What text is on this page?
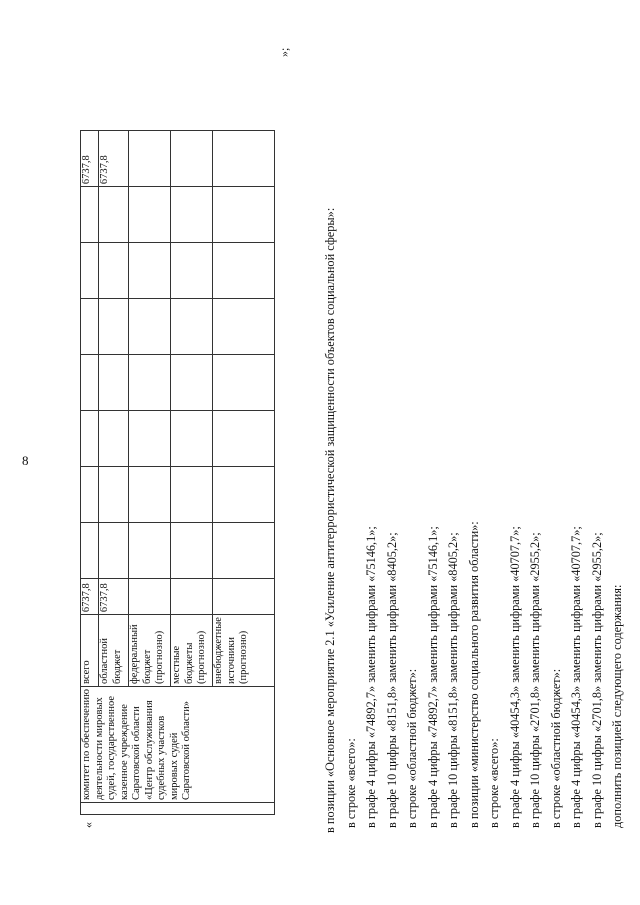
8
«
	комитет по обеспечению деятельности мировых судей, государственное казенное учреждение Саратовской области «Центр обслуживания судебных участков мировых судей Саратовской области»	всего	6737,8								6737,8
		областной бюджет	6737,8								6737,8
		федеральный бюджет (прогнозно)									
		местные бюджеты (прогнозно)									
		внебюджетные источники (прогнозно)									
»;

в позиции «Основное мероприятие 2.1 «Усиление антитеррористической защищенности объектов социальной сферы»: в строке «всего»: в графе 4 цифры «74892,7» заменить цифрами «75146,1»; в графе 10 цифры «8151,8» заменить цифрами «8405,2»; в строке «областной бюджет»: в графе 4 цифры «74892,7» заменить цифрами «75146,1»; в графе 10 цифры «8151,8» заменить цифрами «8405,2»; в позиции «министерство социального развития области»: в строке «всего»: в графе 4 цифры «40454,3» заменить цифрами «40707,7»; в графе 10 цифры «2701,8» заменить цифрами «2955,2»; в строке «областной бюджет»: в графе 4 цифры «40454,3» заменить цифрами «40707,7»; в графе 10 цифры «2701,8» заменить цифрами «2955,2»; дополнить позицией следующего содержания:
